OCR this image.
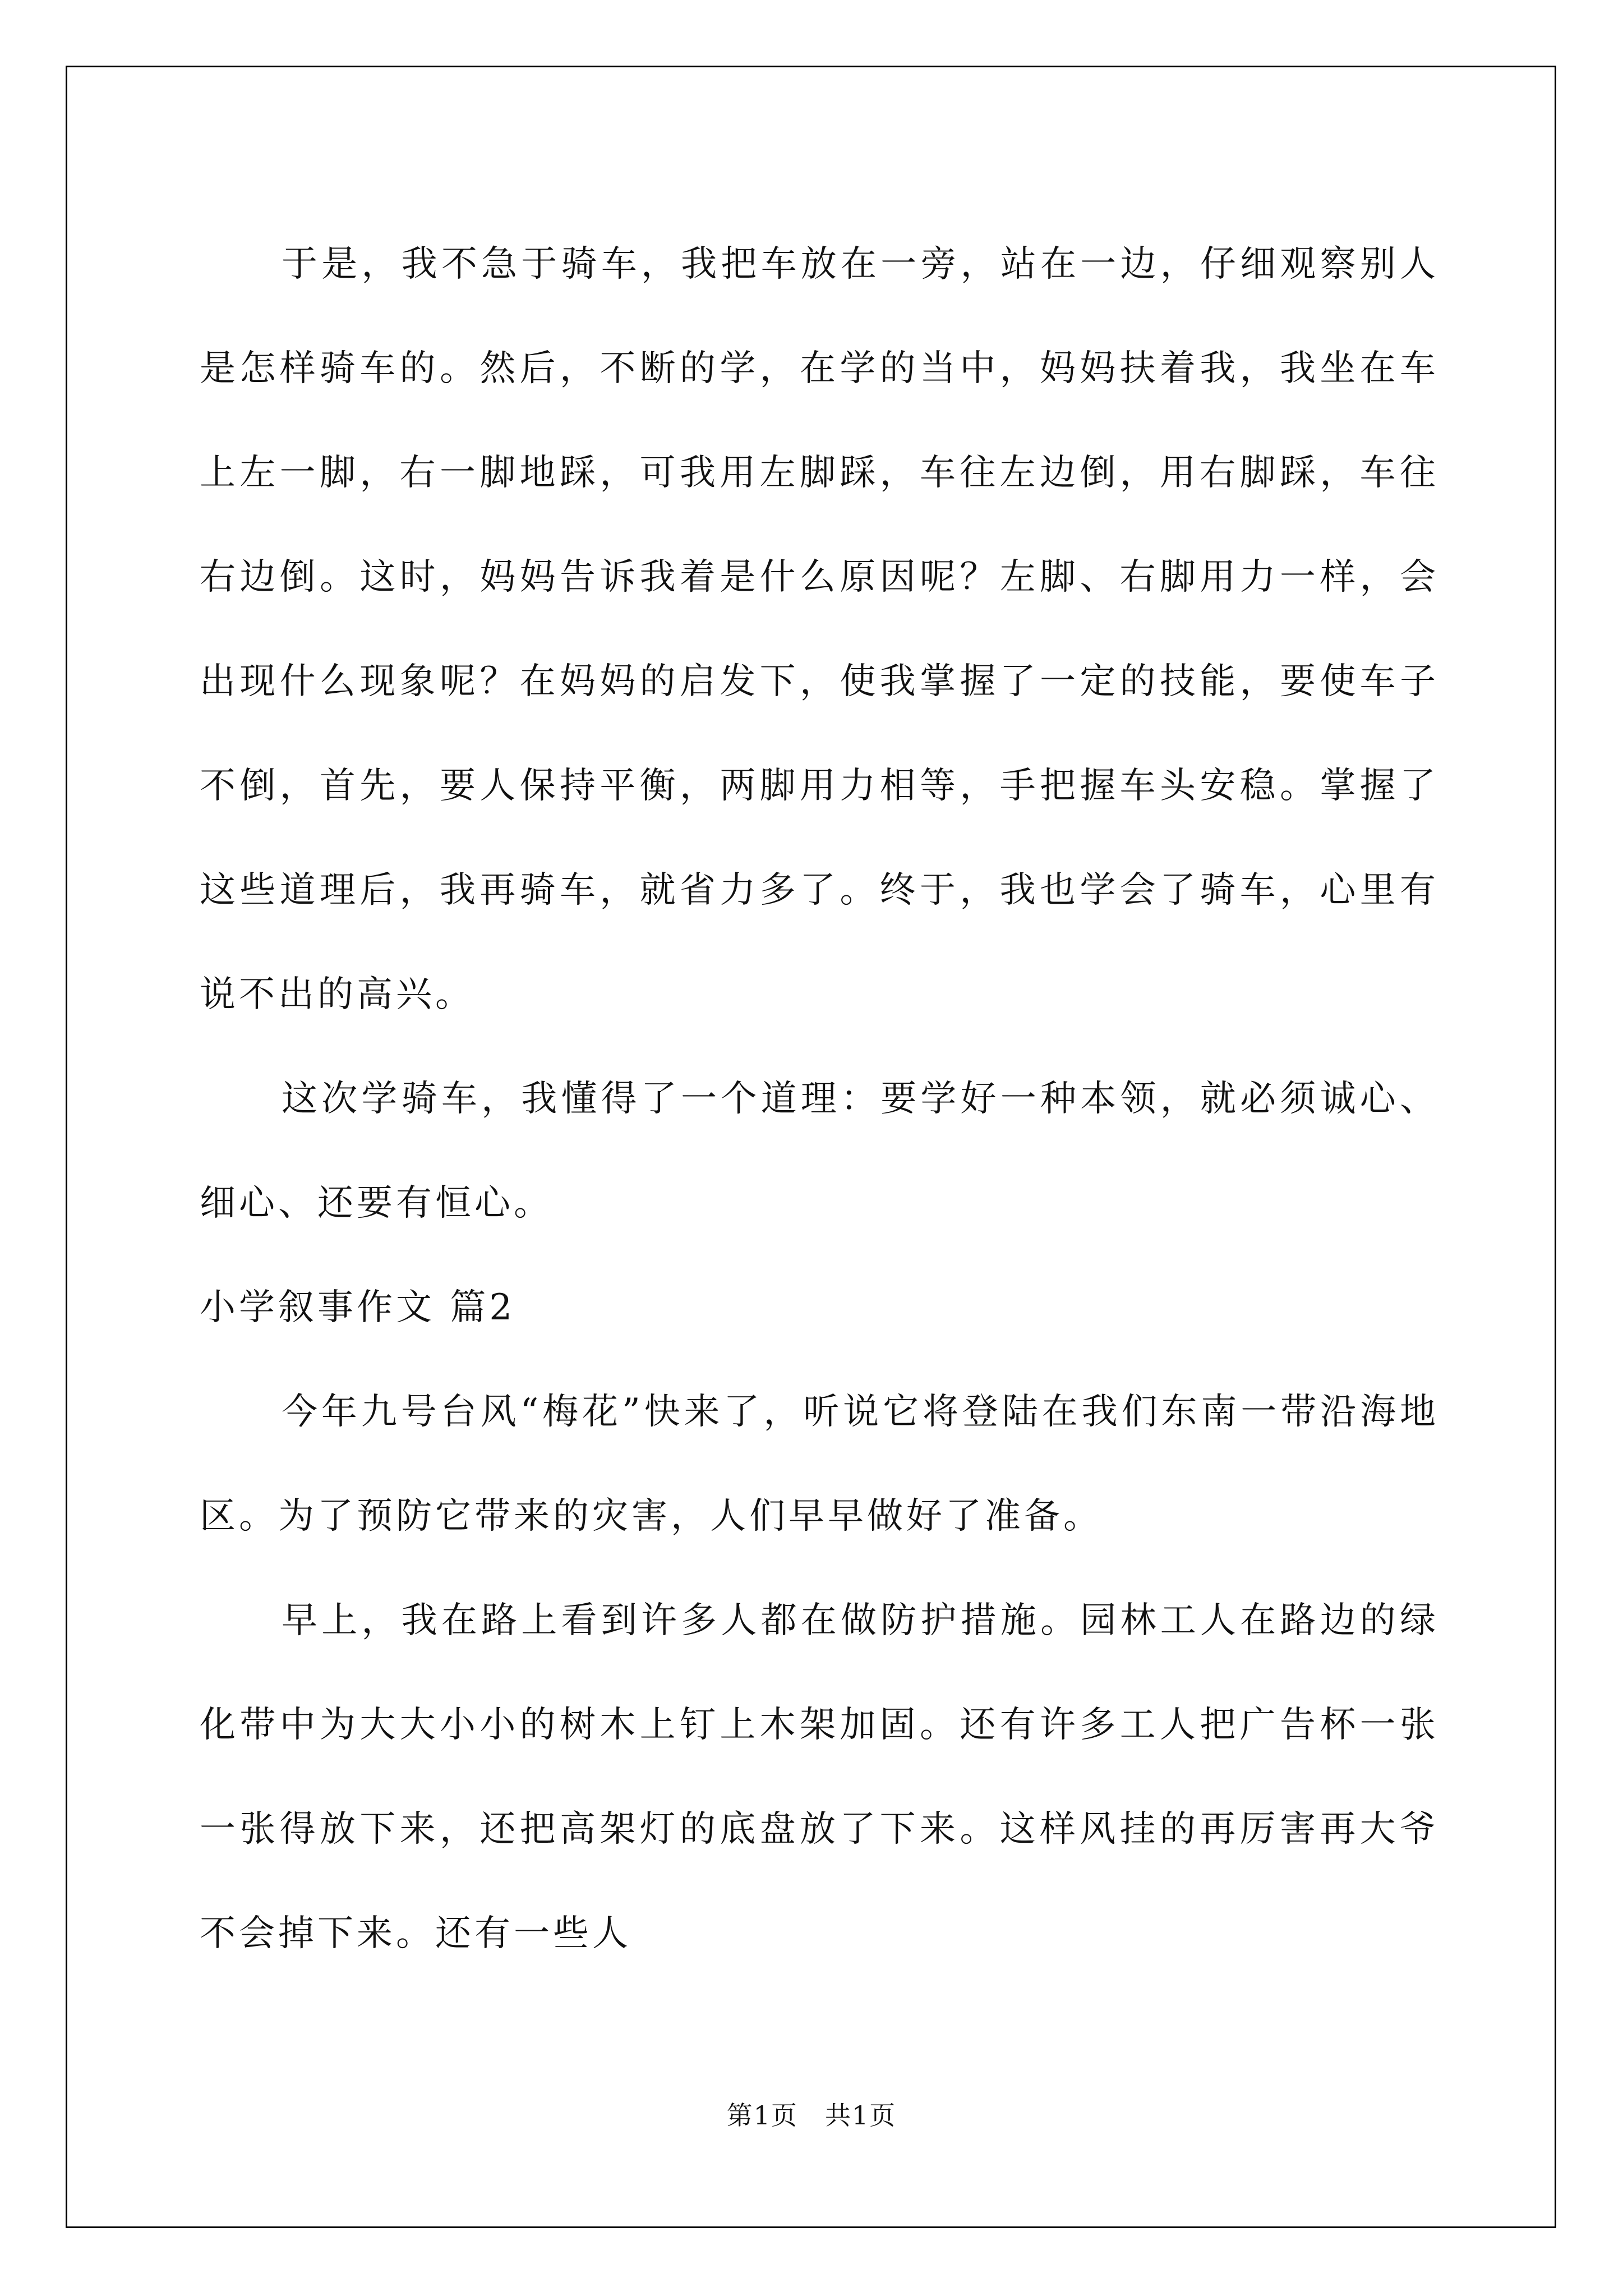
于是，我不急于骑车，我把车放在一旁，站在一边，仔细观察别人是怎样骑车的。然后，不断的学，在学的当中，妈妈扶着我，我坐在车上左一脚，右一脚地踩，可我用左脚踩，车往左边倒，用右脚踩，车往右边倒。这时，妈妈告诉我着是什么原因呢？左脚、右脚用力一样，会出现什么现象呢？在妈妈的启发下，使我掌握了一定的技能，要使车子不倒，首先，要人保持平衡，两脚用力相等，手把握车头安稳。掌握了这些道理后，我再骑车，就省力多了。终于，我也学会了骑车，心里有说不出的高兴。

这次学骑车，我懂得了一个道理：要学好一种本领，就必须诚心、细心、还要有恒心。

小学叙事作文 篇2

今年九号台风“梅花”快来了，听说它将登陆在我们东南一带沿海地区。为了预防它带来的灾害，人们早早做好了准备。

早上，我在路上看到许多人都在做防护措施。园林工人在路边的绿化带中为大大小小的树木上钉上木架加固。还有许多工人把广告杯一张一张得放下来，还把高架灯的底盘放了下来。这样风挂的再厉害再大爷不会掉下来。还有一些人

第1页　共1页
